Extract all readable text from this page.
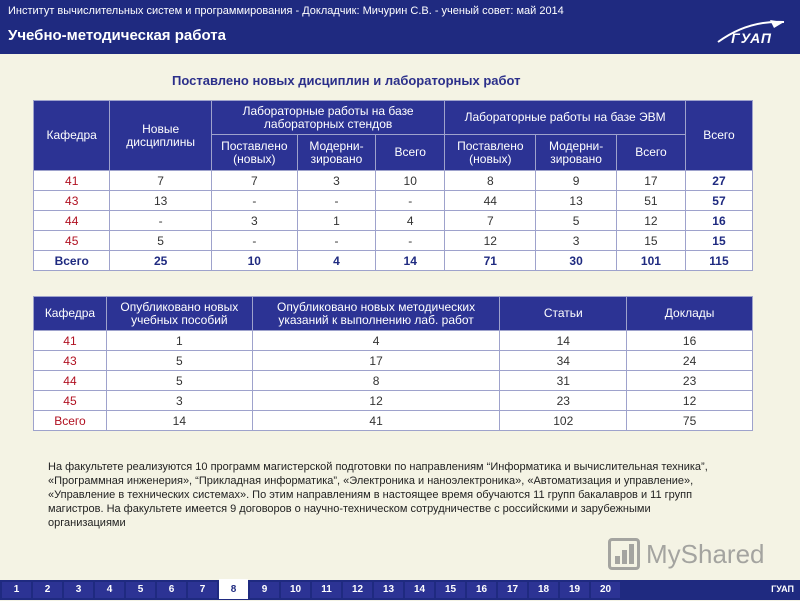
Институт вычислительных систем и программирования - Докладчик: Мичурин С.В. - ученый совет: май 2014
Учебно-методическая работа	ГУАП
Поставлено новых дисциплин и лабораторных работ
Кафедра	Новые дисциплины	Лабораторные работы на базе лабораторных стендов			Лабораторные работы на базе ЭВМ			Всего
		Поставлено (новых)	Модерни-зировано	Всего	Поставлено (новых)	Модерни-зировано	Всего	
41	7	7	3	10	8	9	17	27
43	13	-	-	-	44	13	51	57
44	-	3	1	4	7	5	12	16
45	5	-	-	-	12	3	15	15
Всего	25	10	4	14	71	30	101	115
Кафедра	Опубликовано новых учебных пособий	Опубликовано новых методических указаний к выполнению лаб. работ	Статьи	Доклады
41	1	4	14	16
43	5	17	34	24
44	5	8	31	23
45	3	12	23	12
Всего	14	41	102	75
На факультете реализуются 10 программ магистерской подготовки по направлениям “Информатика и вычислительная техника”, «Программная инженерия», “Прикладная информатика”, «Электроника и наноэлектроника», «Автоматизация и управление», «Управление в технических системах». По этим направлениям в настоящее время обучаются 11 групп бакалавров и 11 групп магистров. На факультете имеется 9 договоров о научно-техническом сотрудничестве с российскими и зарубежными организациями
MyShared
1	2	3	4	5	6	7	8	9	10	11	12	13	14	15	16	17	18	19	20	ГУАП
